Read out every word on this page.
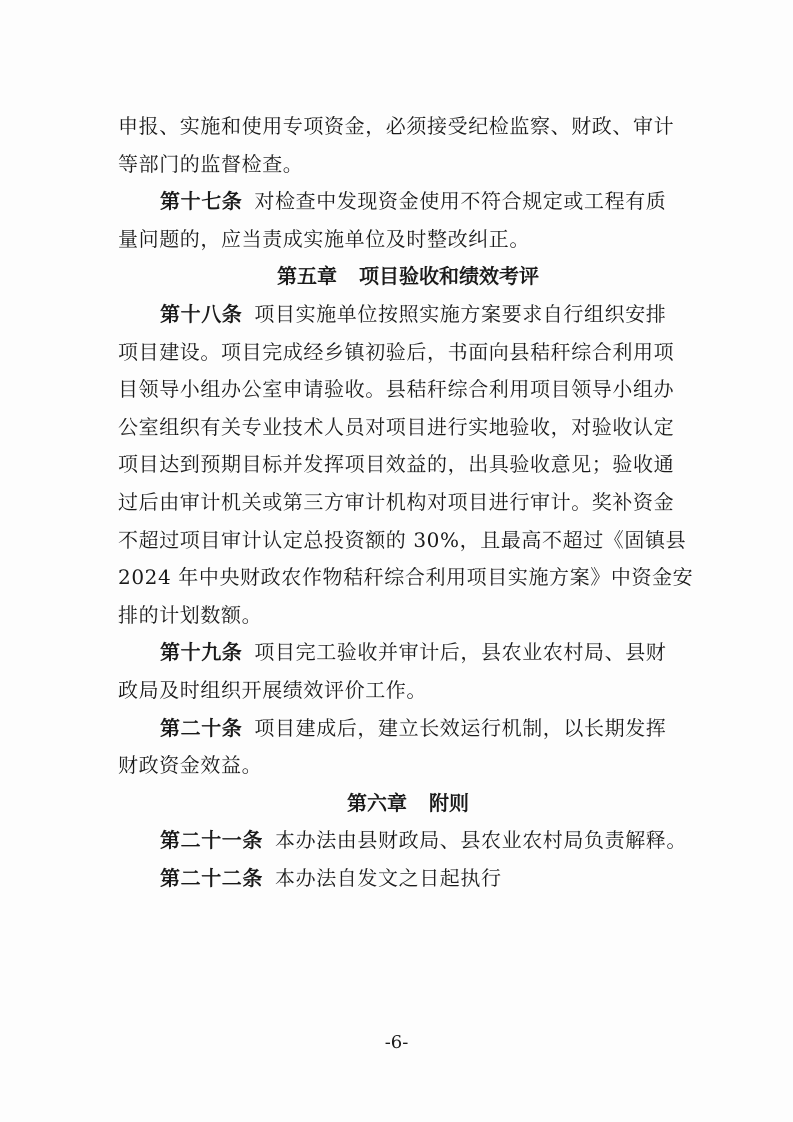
申报、实施和使用专项资金，必须接受纪检监察、财政、审计
等部门的监督检查。
第十七条 对检查中发现资金使用不符合规定或工程有质
量问题的，应当责成实施单位及时整改纠正。
第五章 项目验收和绩效考评
第十八条 项目实施单位按照实施方案要求自行组织安排
项目建设。项目完成经乡镇初验后，书面向县秸秆综合利用项
目领导小组办公室申请验收。县秸秆综合利用项目领导小组办
公室组织有关专业技术人员对项目进行实地验收，对验收认定
项目达到预期目标并发挥项目效益的，出具验收意见；验收通
过后由审计机关或第三方审计机构对项目进行审计。奖补资金
不超过项目审计认定总投资额的 30%，且最高不超过《固镇县
2024 年中央财政农作物秸秆综合利用项目实施方案》中资金安
排的计划数额。
第十九条 项目完工验收并审计后，县农业农村局、县财
政局及时组织开展绩效评价工作。
第二十条 项目建成后，建立长效运行机制，以长期发挥
财政资金效益。
第六章 附则
第二十一条 本办法由县财政局、县农业农村局负责解释。
第二十二条 本办法自发文之日起执行
-6-
